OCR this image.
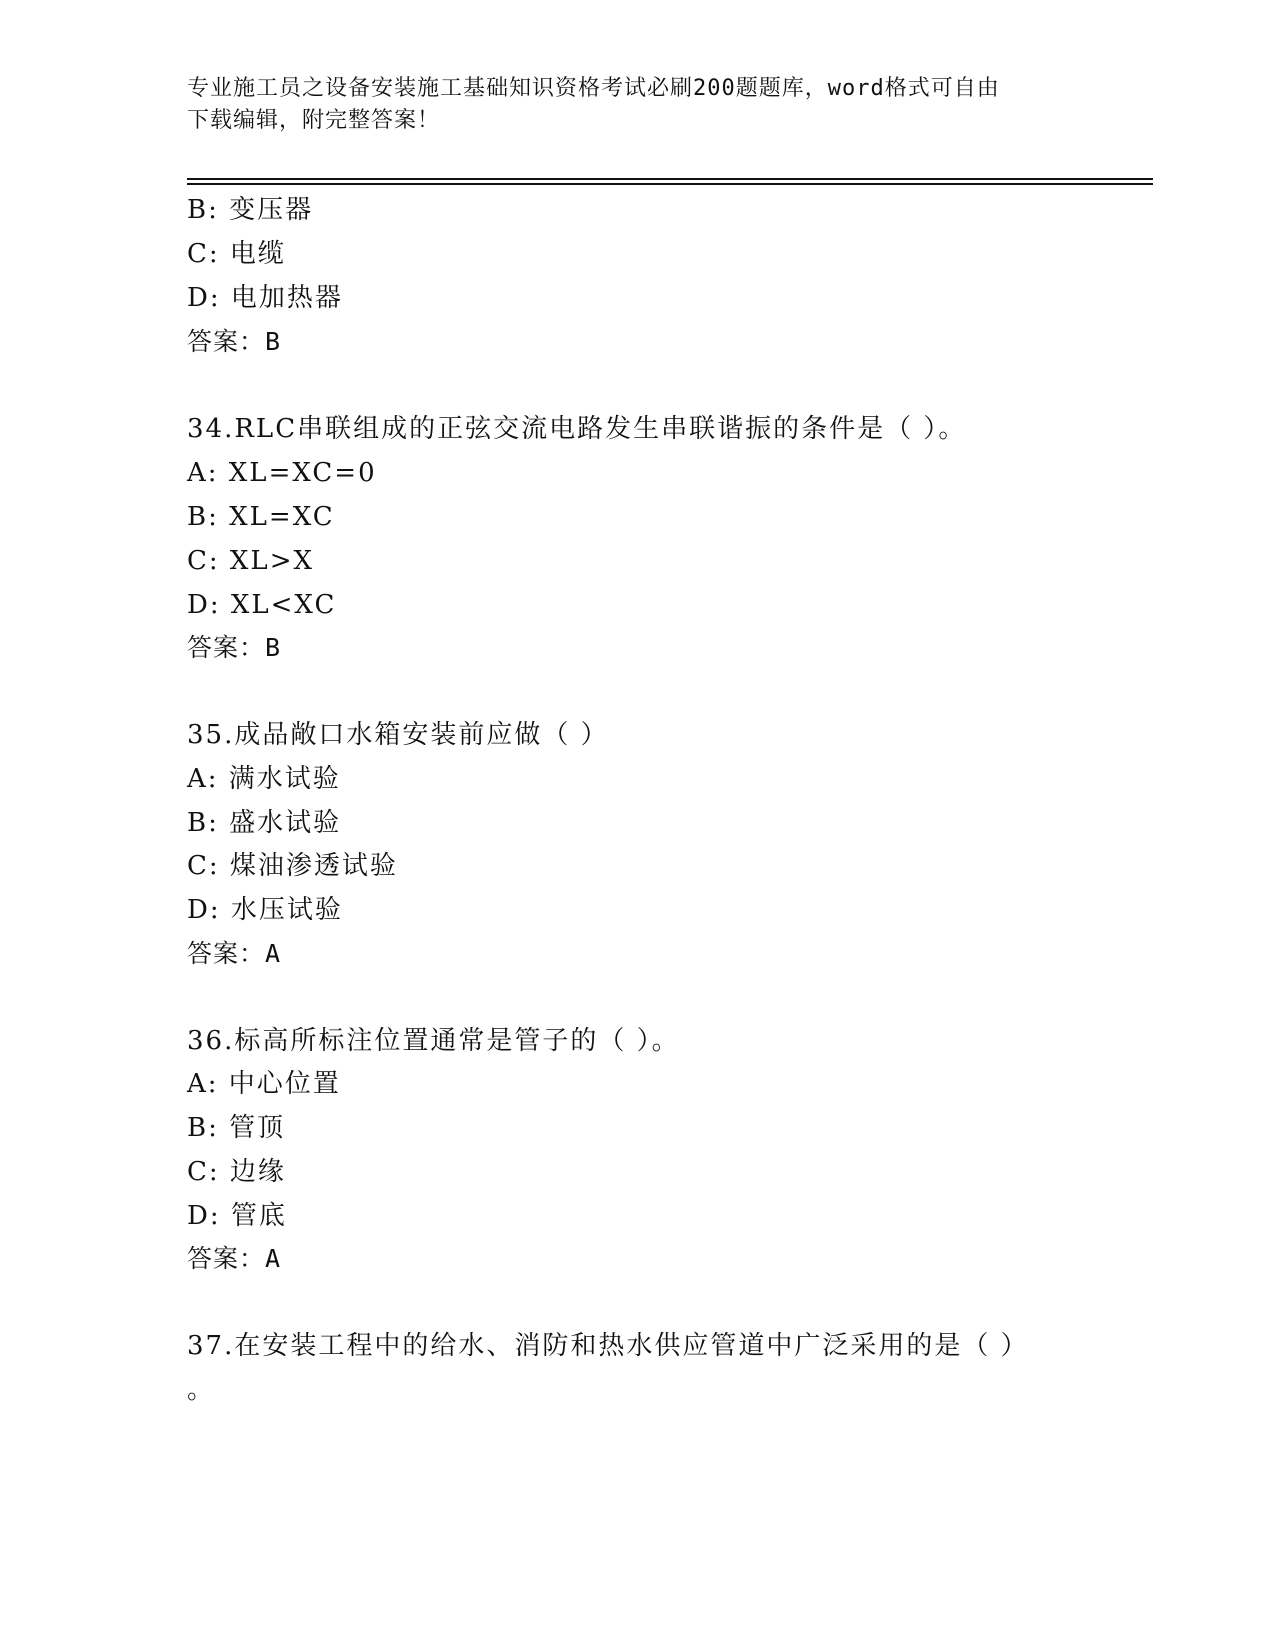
专业施工员之设备安装施工基础知识资格考试必刷200题题库，word格式可自由
下载编辑，附完整答案！
B: 变压器
C: 电缆
D: 电加热器
答案：B
34.RLC串联组成的正弦交流电路发生串联谐振的条件是（ ）。
A: XL=XC=0
B: XL=XC
C: XL>X
D: XL<XC
答案：B
35.成品敞口水箱安装前应做（ ）
A: 满水试验
B: 盛水试验
C: 煤油渗透试验
D: 水压试验
答案：A
36.标高所标注位置通常是管子的（ ）。
A: 中心位置
B: 管顶
C: 边缘
D: 管底
答案：A
37.在安装工程中的给水、消防和热水供应管道中广泛采用的是（ ）
。
